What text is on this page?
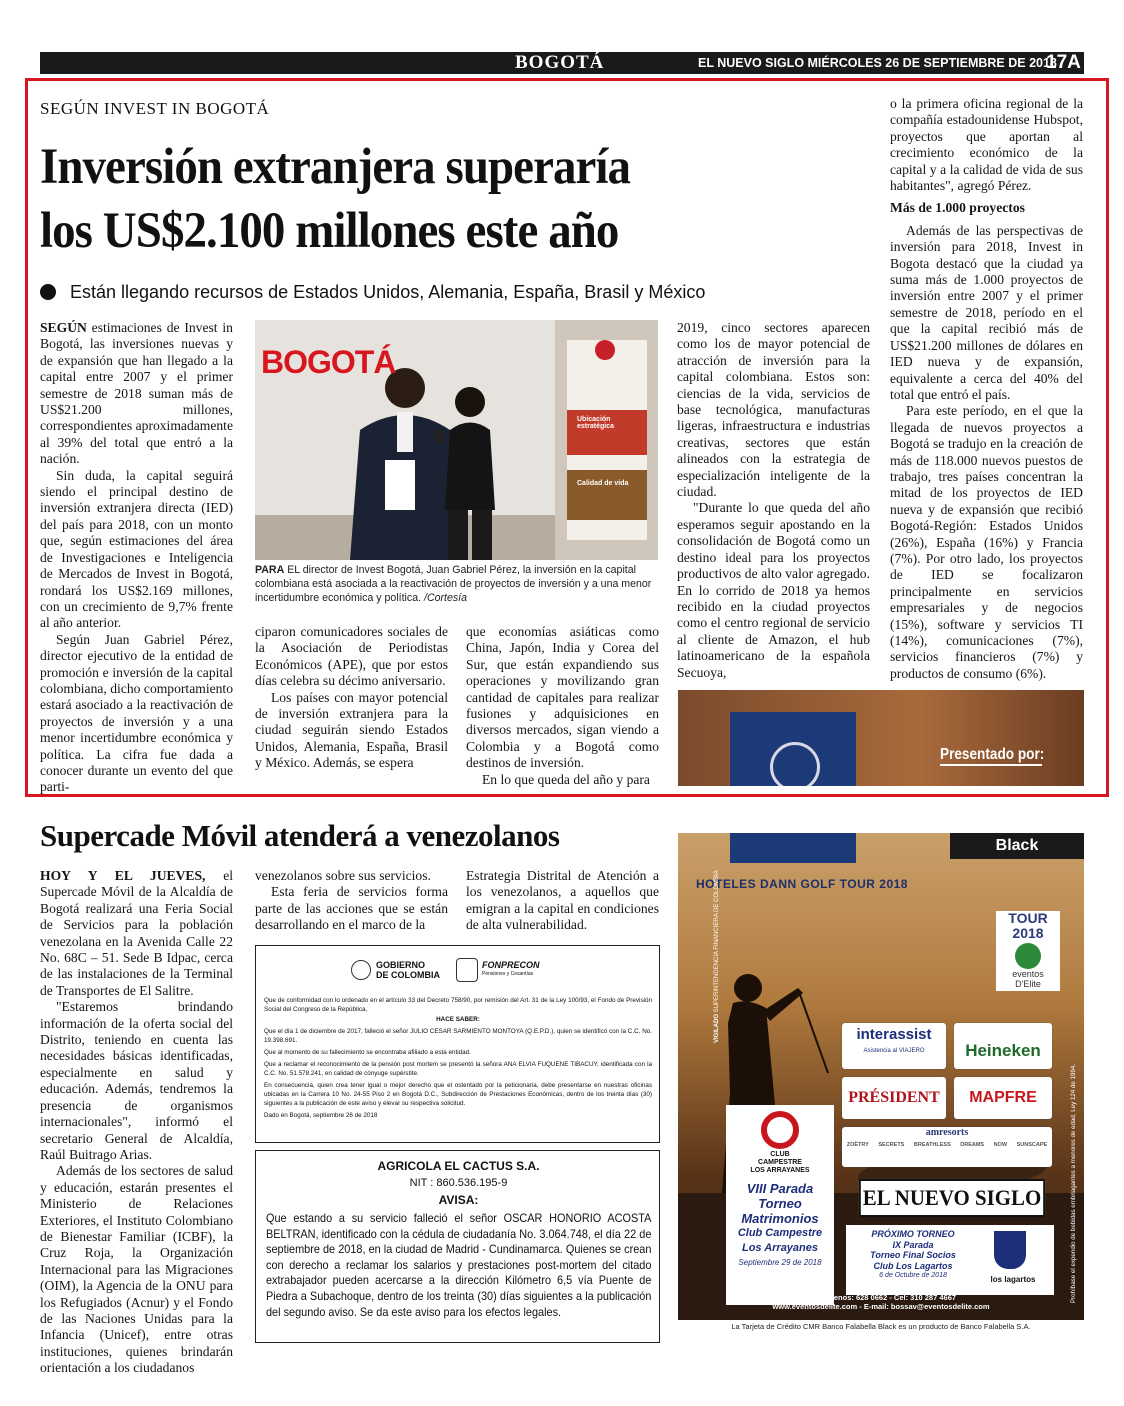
BOGOTÁ	EL NUEVO SIGLO MIÉRCOLES 26 DE SEPTIEMBRE DE 2018
17A
SEGÚN INVEST IN BOGOTÁ
Inversión extranjera superaría
los US$2.100 millones este año
Están llegando recursos de Estados Unidos, Alemania, España, Brasil y México

SEGÚN estimaciones de Invest in Bogotá, las inversiones nuevas y de expansión que han llegado a la capital entre 2007 y el primer semestre de 2018 suman más de US$21.200 millones, correspondientes aproximadamente al 39% del total que entró a la nación.

Sin duda, la capital seguirá siendo el principal destino de inversión extranjera directa (IED) del país para 2018, con un monto que, según estimaciones del área de Investigaciones e Inteligencia de Mercados de Invest in Bogotá, rondará los US$2.169 millones, con un crecimiento de 9,7% frente al año anterior.

Según Juan Gabriel Pérez, director ejecutivo de la entidad de promoción e inversión de la capital colombiana, dicho comportamiento estará asociado a la reactivación de proyectos de inversión y a una menor incertidumbre económica y política. La cifra fue dada a conocer durante un evento del que parti-

BOGOTÁ
Ubicación estratégica
Calidad de vida
PARA EL director de Invest Bogotá, Juan Gabriel Pérez, la inversión en la capital colombiana está asociada a la reactivación de proyectos de inversión y a una menor incertidumbre económica y política. /Cortesía

ciparon comunicadores sociales de la Asociación de Periodistas Económicos (APE), que por estos días celebra su décimo aniversario.

Los países con mayor potencial de inversión extranjera para la ciudad seguirán siendo Estados Unidos, Alemania, España, Brasil y México. Además, se espera

que economías asiáticas como China, Japón, India y Corea del Sur, que están expandiendo sus operaciones y movilizando gran cantidad de capitales para realizar fusiones y adquisiciones en diversos mercados, sigan viendo a Colombia y a Bogotá como destinos de inversión.

En lo que queda del año y para

2019, cinco sectores aparecen como los de mayor potencial de atracción de inversión para la capital colombiana. Estos son: ciencias de la vida, servicios de base tecnológica, manufacturas ligeras, infraestructura e industrias creativas, sectores que están alineados con la estrategia de especialización inteligente de la ciudad.

"Durante lo que queda del año esperamos seguir apostando en la consolidación de Bogotá como un destino ideal para los proyectos productivos de alto valor agregado. En lo corrido de 2018 ya hemos recibido en la ciudad proyectos como el centro regional de servicio al cliente de Amazon, el hub latinoamericano de la española Secuoya,

o la primera oficina regional de la compañía estadounidense Hubspot, proyectos que aportan al crecimiento económico de la capital y a la calidad de vida de sus habitantes", agregó Pérez.

Más de 1.000 proyectos

Además de las perspectivas de inversión para 2018, Invest in Bogota destacó que la ciudad ya suma más de 1.000 proyectos de inversión entre 2007 y el primer semestre de 2018, período en el que la capital recibió más de US$21.200 millones de dólares en IED nueva y de expansión, equivalente a cerca del 40% del total que entró el país.

Para este período, en el que la llegada de nuevos proyectos a Bogotá se tradujo en la creación de más de 118.000 nuevos puestos de trabajo, tres países concentran la mitad de los proyectos de IED nueva y de expansión que recibió Bogotá-Región: Estados Unidos (26%), España (16%) y Francia (7%). Por otro lado, los proyectos de IED se focalizaron principalmente en servicios empresariales y de negocios (15%), software y servicios TI (14%), comunicaciones (7%), servicios financieros (7%) y productos de consumo (6%).

Presentado por:
Supercade Móvil atenderá a venezolanos

HOY Y EL JUEVES, el Supercade Móvil de la Alcaldía de Bogotá realizará una Feria Social de Servicios para la población venezolana en la Avenida Calle 22 No. 68C – 51. Sede B Idpac, cerca de las instalaciones de la Terminal de Transportes de El Salitre.

"Estaremos brindando información de la oferta social del Distrito, teniendo en cuenta las necesidades básicas identificadas, especialmente en salud y educación. Además, tendremos la presencia de organismos internacionales", informó el secretario General de Alcaldía, Raúl Buitrago Arias.

Además de los sectores de salud y educación, estarán presentes el Ministerio de Relaciones Exteriores, el Instituto Colombiano de Bienestar Familiar (ICBF), la Cruz Roja, la Organización Internacional para las Migraciones (OIM), la Agencia de la ONU para los Refugiados (Acnur) y el Fondo de las Naciones Unidas para la Infancia (Unicef), entre otras instituciones, quienes brindarán orientación a los ciudadanos

venezolanos sobre sus servicios.

Esta feria de servicios forma parte de las acciones que se están desarrollando en el marco de la

Estrategia Distrital de Atención a los venezolanos, a aquellos que emigran a la capital en condiciones de alta vulnerabilidad.

GOBIERNO
DE COLOMBIA
FONPRECON
Pensiones y Cesantías
Que de conformidad con lo ordenado en el artículo 33 del Decreto 758/90, por remisión del Art. 31 de la Ley 100/93, el Fondo de Previsión Social del Congreso de la República,
HACE SABER:
Que el día 1 de diciembre de 2017, falleció el señor JULIO CESAR SARMIENTO MONTOYA (Q.E.P.D.), quien se identificó con la C.C. No. 19.398.691.
Que al momento de su fallecimiento se encontraba afiliado a esta entidad.
Que a reclamar el reconocimiento de la pensión post mortem se presentó la señora ANA ELVIA FUQUENE TIBACUY, identificada con la C.C. No. 51.578.241, en calidad de cónyuge supérstite.
En consecuencia, quien crea tener igual o mejor derecho que el ostentado por la peticionaria, debe presentarse en nuestras oficinas ubicadas en la Carrera 10 No. 24-55 Piso 2 en Bogotá D.C., Subdirección de Prestaciones Económicas, dentro de los treinta días (30) siguientes a la publicación de este aviso y elevar su respectiva solicitud.
Dado en Bogotá, septiembre 26 de 2018
AGRICOLA EL CACTUS S.A.
NIT : 860.536.195-9
AVISA:
Que estando a su servicio falleció el señor OSCAR HONORIO ACOSTA BELTRAN, identificado con la cédula de ciudadanía No. 3.064.748, el día 22 de septiembre de 2018, en la ciudad de Madrid - Cundinamarca. Quienes se crean con derecho a reclamar los salarios y prestaciones post-mortem del citado extrabajador pueden acercarse a la dirección Kilómetro 6,5 vía Puente de Piedra a Subachoque, dentro de los treinta (30) días siguientes a la publicación del segundo aviso. Se da este aviso para los efectos legales.
Black
HOTELES DANN GOLF TOUR 2018
TOUR
2018
eventos
D'Elite
interassist
Asistencia al VIAJERO	Heineken
PRÉSIDENT	MAPFRE
amresorts
ZOËTRY SECRETS BREATHLESS DREAMS NOW SUNSCAPE
CLUB
CAMPESTRE
LOS ARRAYANES
VIII Parada
Torneo
Matrimonios
Club Campestre
Los Arrayanes
Septiembre 29 de 2018
EL NUEVO SIGLO
PRÓXIMO TORNEO
IX Parada
Torneo Final Socios
Club Los Lagartos
6 de Octubre de 2018	los lagartos
Contáctenos: 628 0662 - Cel: 310 287 4667
www.eventosdelite.com - E-mail: bossav@eventosdelite.com
VIGILADO SUPERINTENDENCIA FINANCIERA DE COLOMBIA
Prohíbase el expendio de bebidas embriagantes a menores de edad, Ley 124 de 1994.
La Tarjeta de Crédito CMR Banco Falabella Black es un producto de Banco Falabella S.A.
